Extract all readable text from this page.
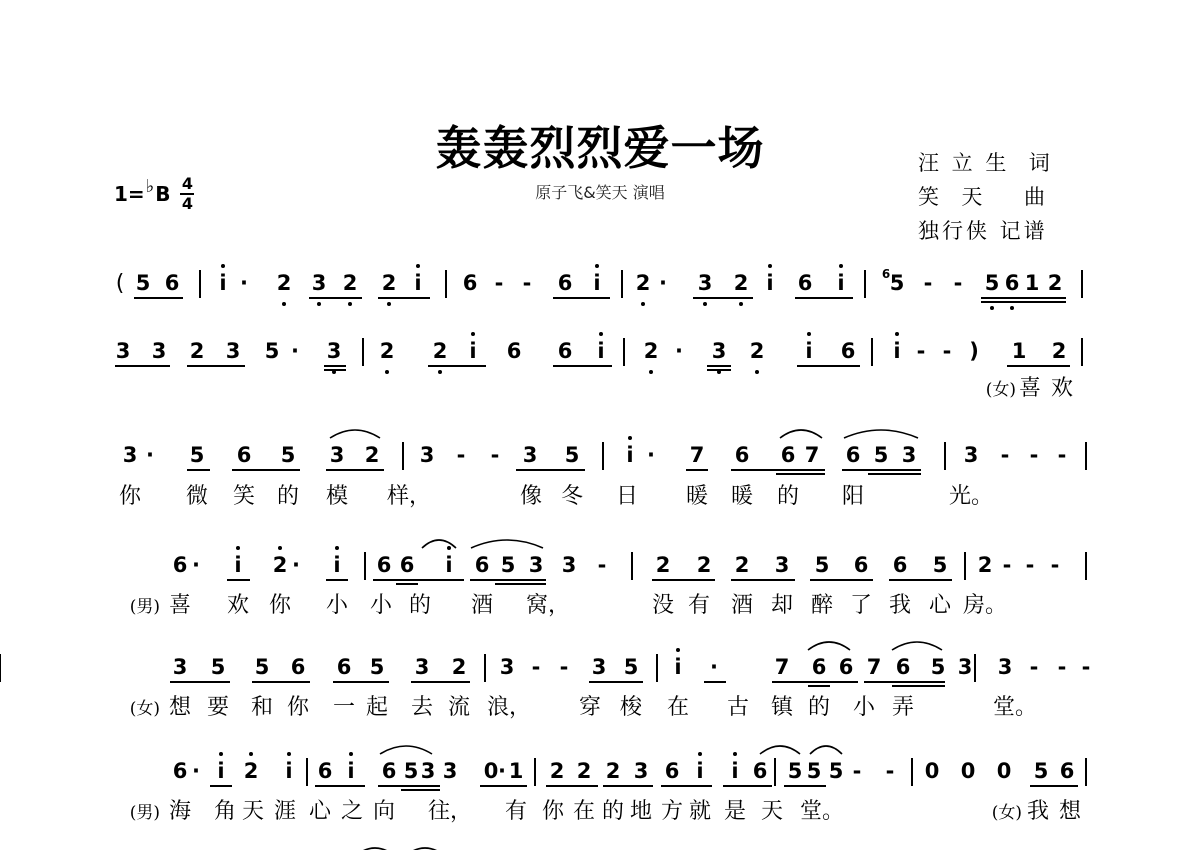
轰轰烈烈爱一场
原子飞&笑天 演唱
汪 立 生  词
笑  天    曲
独行侠 记谱
1= ♭ B $\frac{4}{4}$
( 5 6 i · 2 3 2 2 i 6 - - 6 i 2 · 3 2 i 6 i 5 - - 5 6 1 2
6
3 3 2 3 5 · 3 2 2 i 6 6 i 2 · 3 2 i 6 i - - ) 1 2
(女) 喜 欢
3 · 5 6 5 3 2 3 - - 3 5 i · 7 6 6 7 6 5 3 3 - - -
你 微 笑 的 模 样，	像 冬 日 暖 暖 的 阳	光。
6 · i 2 · i 6 6 i 6 5 3 3 - 2 2 2 3 5 6 6 5 2 - - -
(男) 喜 欢 你 小 小 的 酒 窝，	没 有 酒 却 醉 了 我 心 房。
3 5 5 6 6 5 3 2 3 - - 3 5 i ·	7 6 6 7 6 5 3 3 - - -
(女) 想 要 和 你 一 起 去 流 浪， 穿 梭 在 古 镇 的 小 弄	堂。
6 · i 2 i 6 i 6 5 3 3 0 · 1 2 2 2 3 6 i i 6 5 5 5 - - 0 0 0 5 6
(男) 海 角 天 涯 心 之 向 往， 有 你 在 的 地 方 就 是 天 堂。	(女) 我 想
